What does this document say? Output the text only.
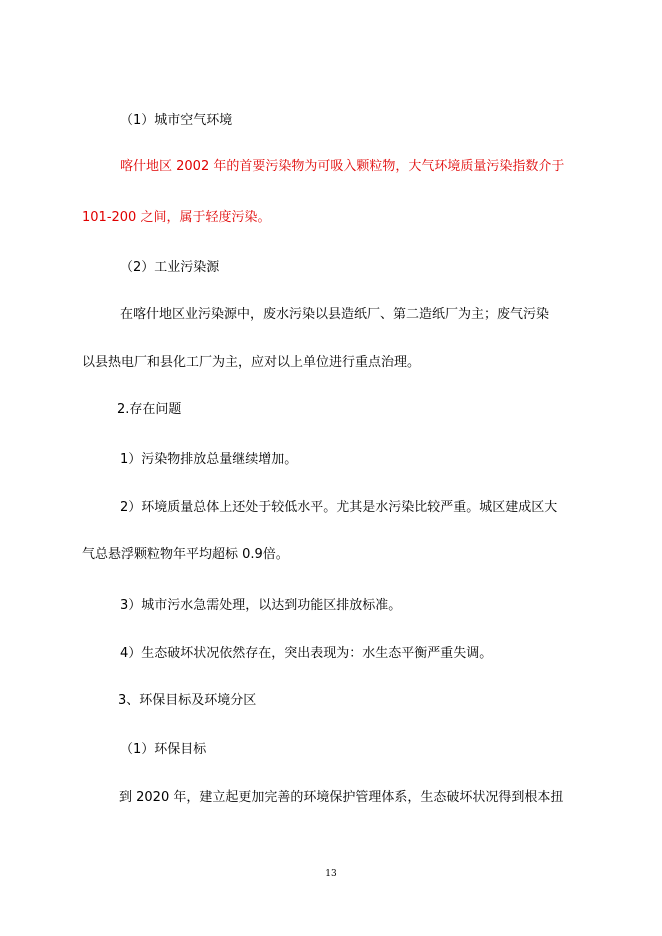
（1）城市空气环境
喀什地区 2002 年的首要污染物为可吸入颗粒物，大气环境质量污染指数介于
101-200 之间，属于轻度污染。
（2）工业污染源
在喀什地区业污染源中，废水污染以县造纸厂、第二造纸厂为主；废气污染
以县热电厂和县化工厂为主，应对以上单位进行重点治理。
2.存在问题
1）污染物排放总量继续增加。
2）环境质量总体上还处于较低水平。尤其是水污染比较严重。城区建成区大
气总悬浮颗粒物年平均超标 0.9倍。
3）城市污水急需处理，以达到功能区排放标准。
4）生态破坏状况依然存在，突出表现为：水生态平衡严重失调。
3、环保目标及环境分区
（1）环保目标
到 2020 年，建立起更加完善的环境保护管理体系，生态破坏状况得到根本扭
13
